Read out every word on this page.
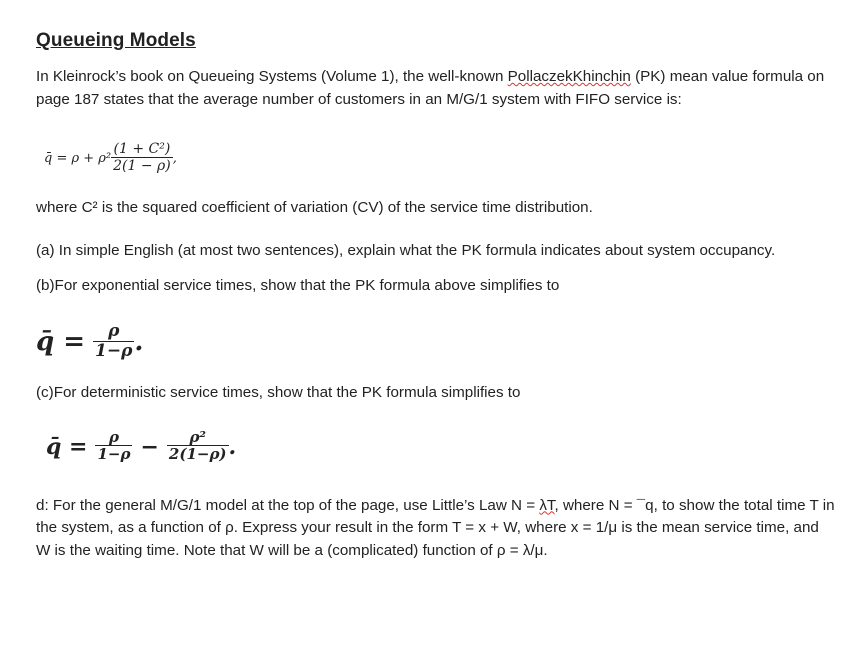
Queueing Models

In Kleinrock’s book on Queueing Systems (Volume 1), the well-known PollaczekKhinchin (PK) mean value formula on page 187 states that the average number of customers in an M/G/1 system with FIFO service is:

q̄ = $\rho + \rho^2 \frac{\text{(1 + C²)}}{2(1 - \rho)}$ ,

where C² is the squared coefficient of variation (CV) of the service time distribution.

(a) In simple English (at most two sentences), explain what the PK formula indicates about system occupancy.

(b)For exponential service times, show that the PK formula above simplifies to

q̄ = $\frac{\rho}{1-\rho}$ .

(c)For deterministic service times, show that the PK formula simplifies to

q̄ = $\frac{\rho}{1-\rho} - \frac{\text{ρ²}}{2(1-\rho)}$ .

d: For the general M/G/1 model at the top of the page, use Little’s Law N = λT, where N = ¯q, to show the total time T in the system, as a function of ρ. Express your result in the form T = x + W, where x = 1/μ is the mean service time, and W is the waiting time. Note that W will be a (complicated) function of ρ = λ/μ.
